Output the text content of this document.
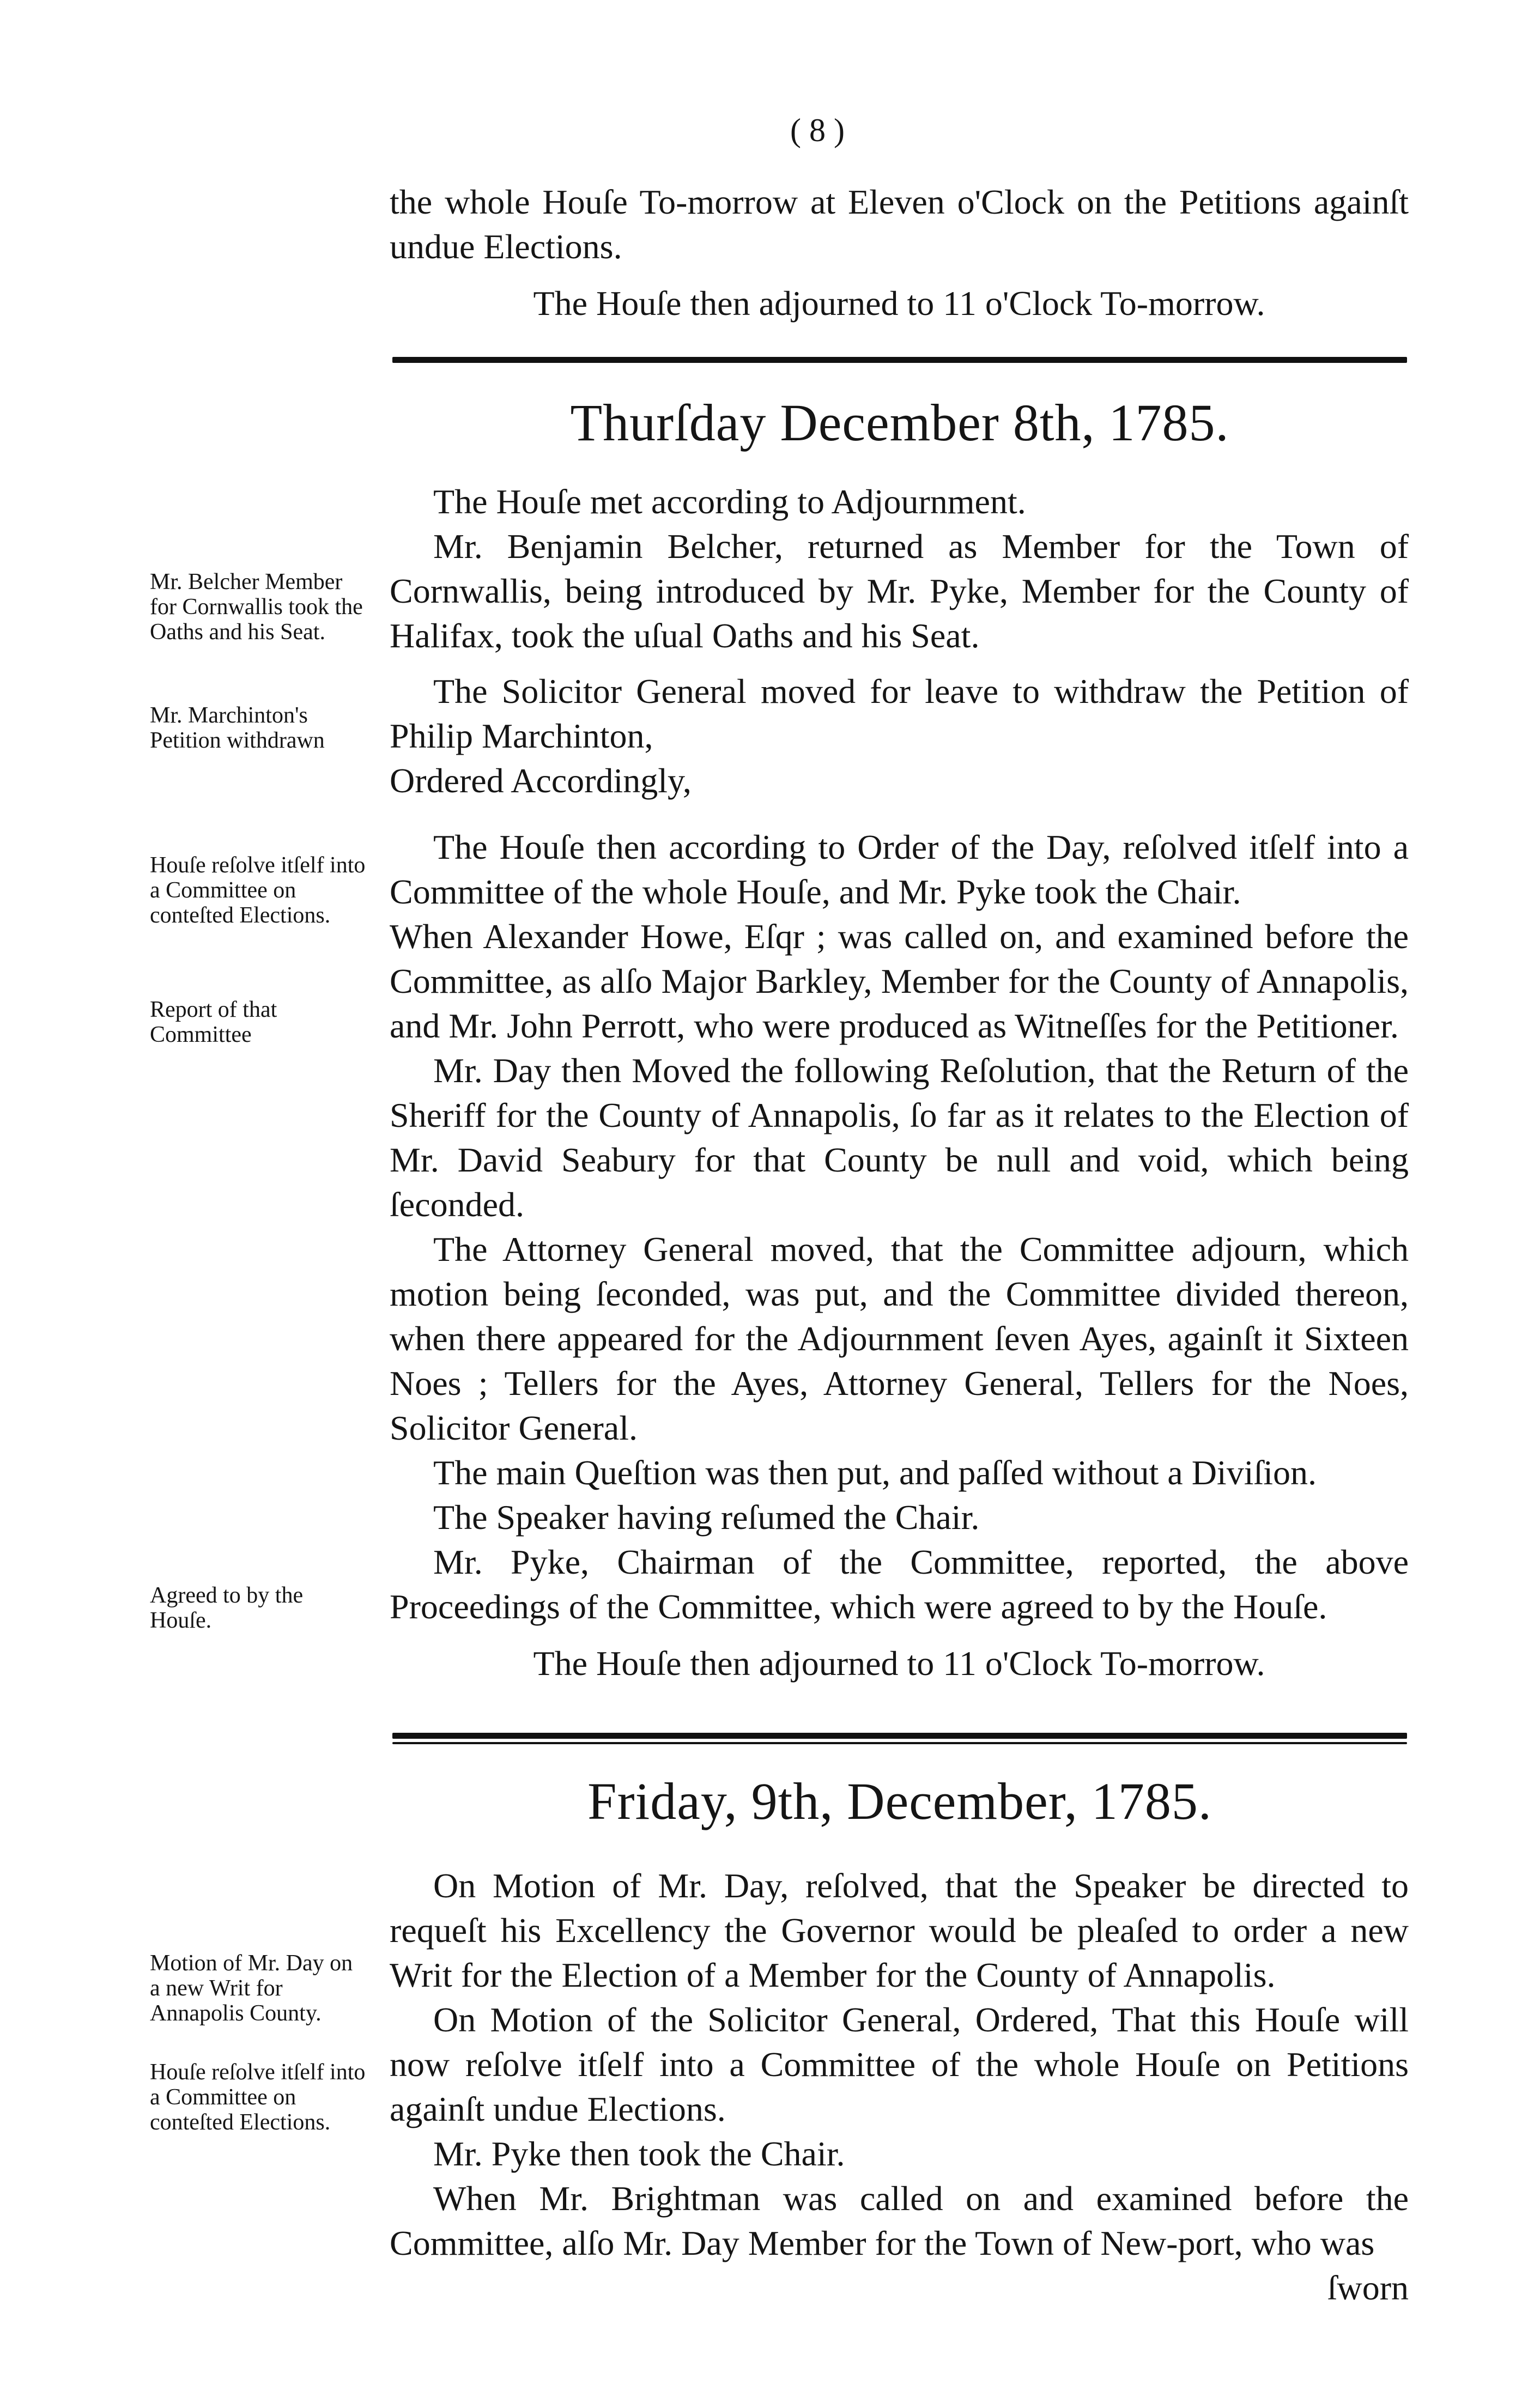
( 8 )

the whole Houſe To-morrow at Eleven o'Clock on the Petitions againſt undue Elections.

The Houſe then adjourned to 11 o'Clock To-morrow.

Thurſday December 8th, 1785.

The Houſe met according to Adjournment.

Mr. Benjamin Belcher, returned as Member for the Town of Cornwallis, being introduced by Mr. Pyke, Member for the County of Halifax, took the uſual Oaths and his Seat.

The Solicitor General moved for leave to withdraw the Petition of Philip Marchinton,

Ordered Accordingly,

The Houſe then according to Order of the Day, reſolved itſelf into a Committee of the whole Houſe, and Mr. Pyke took the Chair.

When Alexander Howe, Eſqr ; was called on, and examined before the Committee, as alſo Major Barkley, Member for the County of Annapolis, and Mr. John Perrott, who were produced as Witneſſes for the Petitioner.

Mr. Day then Moved the following Reſolution, that the Return of the Sheriff for the County of Annapolis, ſo far as it relates to the Election of Mr. David Seabury for that County be null and void, which being ſeconded.

The Attorney General moved, that the Committee adjourn, which motion being ſeconded, was put, and the Committee divided thereon, when there appeared for the Adjournment ſeven Ayes, againſt it Sixteen Noes ; Tellers for the Ayes, Attorney General, Tellers for the Noes, Solicitor General.

The main Queſtion was then put, and paſſed without a Diviſion.

The Speaker having reſumed the Chair.

Mr. Pyke, Chairman of the Committee, reported, the above Proceedings of the Committee, which were agreed to by the Houſe.

The Houſe then adjourned to 11 o'Clock To-morrow.

Friday, 9th, December, 1785.

On Motion of Mr. Day, reſolved, that the Speaker be directed to requeſt his Excellency the Governor would be pleaſed to order a new Writ for the Election of a Member for the County of Annapolis.

On Motion of the Solicitor General, Ordered, That this Houſe will now reſolve itſelf into a Committee of the whole Houſe on Petitions againſt undue Elections.

Mr. Pyke then took the Chair.

When Mr. Brightman was called on and examined before the Committee, alſo Mr. Day Member for the Town of New-port, who was

ſworn

Mr. Belcher Member for Cornwallis took the Oaths and his Seat.
Mr. Marchinton's Petition withdrawn
Houſe reſolve itſelf into a Committee on conteſted Elections.
Report of that Committee
Agreed to by the Houſe.
Motion of Mr. Day on a new Writ for Annapolis County.
Houſe reſolve itſelf into a Committee on conteſted Elections.
